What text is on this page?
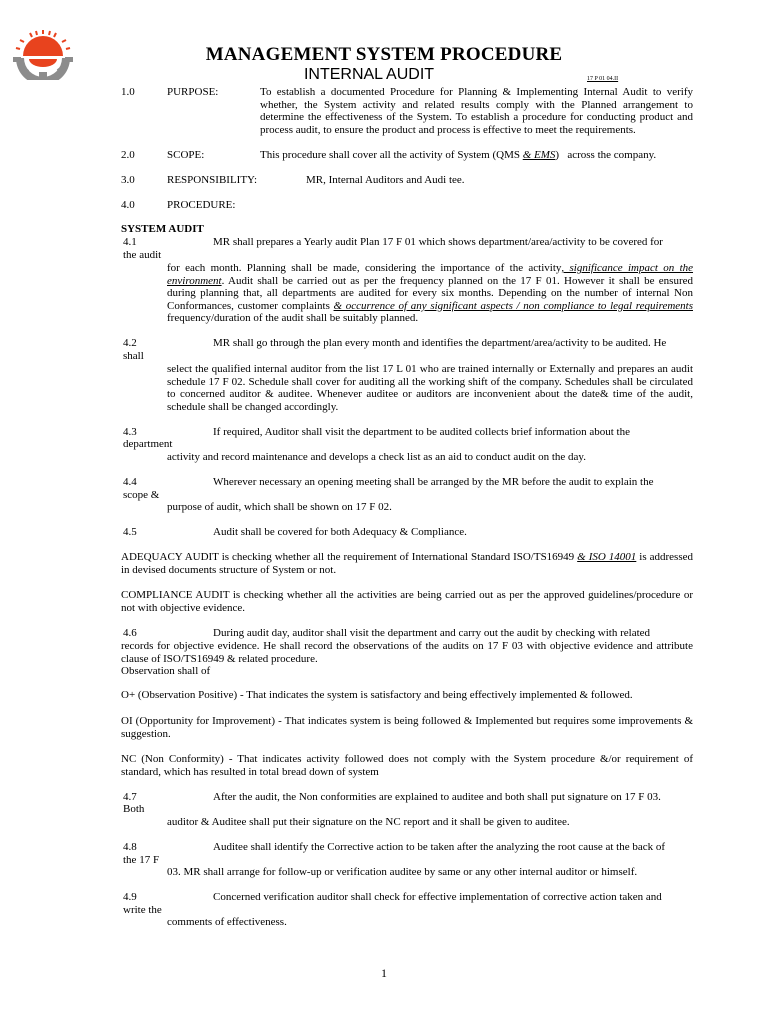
MANAGEMENT SYSTEM PROCEDURE
INTERNAL AUDIT	17 P 01 04.II
1.0	PURPOSE:	To establish a documented Procedure for Planning & Implementing Internal Audit to verify whether, the System activity and related results comply with the Planned arrangement to determine the effectiveness of the System. To establish a procedure for conducting product and process audit, to ensure the product and process is effective to meet the requirements.
2.0	SCOPE:	This procedure shall cover all the activity of System (QMS & EMS)   across the company.
3.0	RESPONSIBILITY:	MR, Internal Auditors and Audi tee.
4.0	PROCEDURE:
SYSTEM AUDIT
4.1	MR shall prepares a Yearly audit Plan 17 F 01 which shows department/area/activity to be covered for
the audit
for each month. Planning shall be made, considering the importance of the activity, significance impact on the environment. Audit shall be carried out as per the frequency planned on the 17 F 01. However it shall be ensured during planning that, all departments are audited for every six months. Depending on the number of internal Non Conformances, customer complaints & occurrence of any significant aspects / non compliance to legal requirements frequency/duration of the audit shall be suitably planned.
4.2	MR shall go through the plan every month and identifies the department/area/activity to be audited. He
shall
select the qualified internal auditor from the list 17 L 01 who are trained internally or Externally and prepares an audit schedule 17 F 02. Schedule shall cover for auditing all the working shift of the company. Schedules shall be circulated to concerned auditor & auditee. Whenever auditee or auditors are inconvenient about the date& time of the audit, schedule shall be changed accordingly.
4.3	If required, Auditor shall visit the department to be audited collects brief information about the
department
activity and record maintenance and develops a check list as an aid to conduct audit on the day.
4.4	Wherever necessary an opening meeting shall be arranged by the MR before the audit to explain the
scope &
purpose of audit, which shall be shown on 17 F 02.
4.5	Audit shall be covered for both Adequacy & Compliance.
ADEQUACY AUDIT is checking whether all the requirement of International Standard ISO/TS16949 & ISO 14001 is addressed in devised documents structure of System or not.
COMPLIANCE AUDIT is checking whether all the activities are being carried out as per the approved guidelines/procedure or not with objective evidence.
4.6	During audit day, auditor shall visit the department and carry out the audit by checking with related
records for objective evidence. He shall record the observations of the audits on 17 F 03 with objective evidence and attribute clause of ISO/TS16949 & related procedure.
Observation shall of
O+ (Observation Positive) - That indicates the system is satisfactory and being effectively implemented & followed.
OI (Opportunity for Improvement) - That indicates system is being followed & Implemented but requires some improvements & suggestion.
NC (Non Conformity) - That indicates activity followed does not comply with the System procedure &/or requirement of standard, which has resulted in total bread down of system
4.7	After the audit, the Non conformities are explained to auditee and both shall put signature on 17 F 03.
Both
auditor & Auditee shall put their signature on the NC report and it shall be given to auditee.
4.8	Auditee shall identify the Corrective action to be taken after the analyzing the root cause at the back of
the 17 F
03. MR shall arrange for follow-up or verification auditee by same or any other internal auditor or himself.
4.9	Concerned verification auditor shall check for effective implementation of corrective action taken and
write the
comments of effectiveness.
1
